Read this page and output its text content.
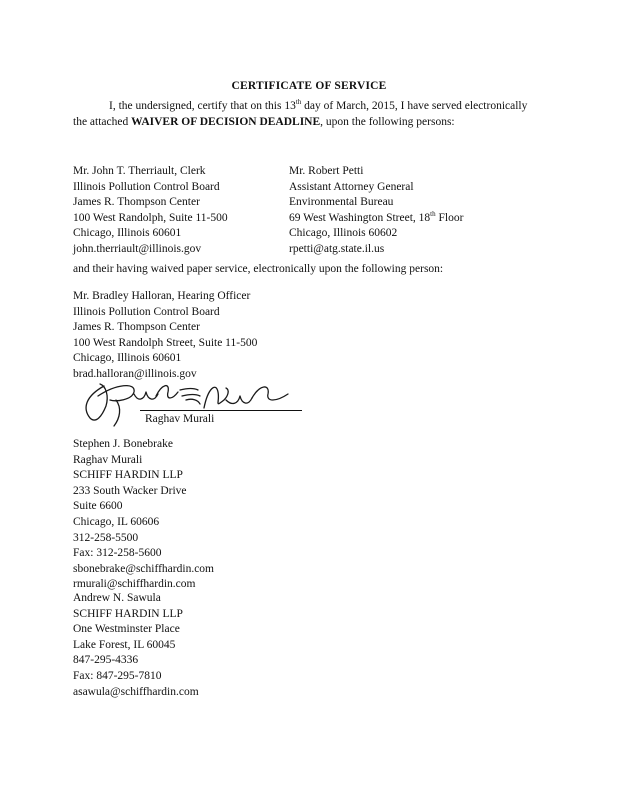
CERTIFICATE OF SERVICE
I, the undersigned, certify that on this 13th day of March, 2015, I have served electronically the attached WAIVER OF DECISION DEADLINE, upon the following persons:
Mr. John T. Therriault, Clerk
Illinois Pollution Control Board
James R. Thompson Center
100 West Randolph, Suite 11-500
Chicago, Illinois 60601
john.therriault@illinois.gov
Mr. Robert Petti
Assistant Attorney General
Environmental Bureau
69 West Washington Street, 18th Floor
Chicago, Illinois 60602
rpetti@atg.state.il.us
and their having waived paper service, electronically upon the following person:
Mr. Bradley Halloran, Hearing Officer
Illinois Pollution Control Board
James R. Thompson Center
100 West Randolph Street, Suite 11-500
Chicago, Illinois 60601
brad.halloran@illinois.gov
Raghav Murali
Stephen J. Bonebrake
Raghav Murali
SCHIFF HARDIN LLP
233 South Wacker Drive
Suite 6600
Chicago, IL 60606
312-258-5500
Fax: 312-258-5600
sbonebrake@schiffhardin.com
rmurali@schiffhardin.com
Andrew N. Sawula
SCHIFF HARDIN LLP
One Westminster Place
Lake Forest, IL 60045
847-295-4336
Fax: 847-295-7810
asawula@schiffhardin.com
